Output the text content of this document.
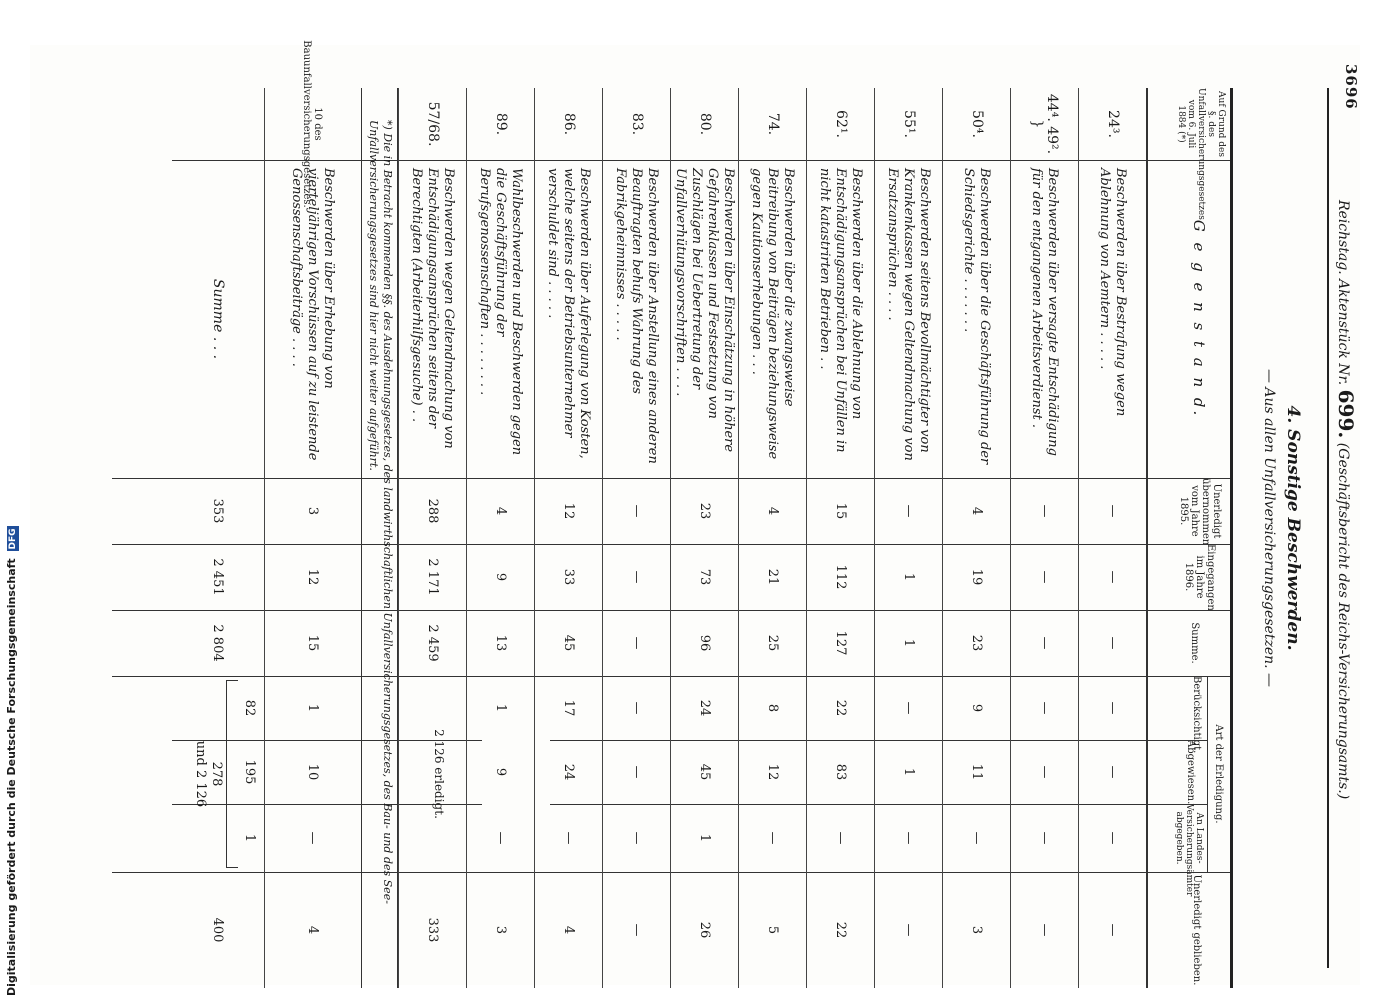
3696
Reichstag. Aktenstück Nr. 699. (Geschäftsbericht des Reichs-Versicherungsamts.)
4. Sonstige Beschwerden.
— Aus allen Unfallversicherungsgesetzen. —
Auf Grund des §. des Unfallversicherungsgesetzes vom 6. Juli 1884 (*)
G e g e n s t a n d.
Unerledigt übernommen vom Jahre 1895.
Eingegangen im Jahre 1896.
Summe.
Art der Erledigung.
Berücksichtigt.
Abgewiesen.
An Landes-Versicherungsämter abgegeben.
Unerledigt geblieben.
24³.
Beschwerden über Bestrafung wegen Ablehnung von Aemtern . . . . .
—
—
—
—
—
—
—
44⁴. 49². }
Beschwerden über versagte Entschädigung für den entgangenen Arbeitsverdienst .
—
—
—
—
—
—
—
50⁴.
Beschwerden über die Geschäftsführung der Schiedsgerichte . . . . . . .
4
19
23
9
11
—
3
55¹.
Beschwerden seitens Bevollmächtigter von Krankenkassen wegen Geltendmachung von Ersatzansprüchen . . . .
—
1
1
—
1
—
—
62¹.
Beschwerden über die Ablehnung von Entschädigungsansprüchen bei Unfällen in nicht katastrirten Betrieben . .
15
112
127
22
83
—
22
74.
Beschwerden über die zwangsweise Beitreibung von Beiträgen beziehungsweise gegen Kautionserhebungen . . .
4
21
25
8
12
—
5
80.
Beschwerden über Einschätzung in höhere Gefahrenklassen und Festsetzung von Zuschlägen bei Uebertretung der Unfallverhütungsvorschriften . . . .
23
73
96
24
45
1
26
83.
Beschwerden über Anstellung eines anderen Beauftragten behufs Wahrung des Fabrikgeheimnisses . . . . .
—
—
—
—
—
—
—
86.
Beschwerden über Auferlegung von Kosten, welche seitens der Betriebsunternehmer verschuldet sind . . . . .
12
33
45
17
24
—
4
89.
Wahlbeschwerden und Beschwerden gegen die Geschäftsführung der Berufsgenossenschaften . . . . . . . .
4
9
13
1
9
—
3
57/68.
Beschwerden wegen Geltendmachung von Entschädigungsansprüchen seitens der Berechtigten (Arbeiterhilfsgesuche) . .
288
2 171
2 459
2 126 erledigt.
333
*) Die in Betracht kommenden §§. des Ausdehnungsgesetzes, des landwirthschaftlichen Unfallversicherungsgesetzes, des Bau- und des See-Unfallversicherungsgesetzes sind hier nicht weiter aufgeführt.
10 des Bauunfallversicherungsgesetzes.
Beschwerden über Erhebung von vierteljährigen Vorschüssen auf zu leistende Genossenschaftsbeiträge . . . .
3
12
15
1
10
—
4
Summe . . .
353
2 451
2 804
82
195
1
400
278
und 2 126
Digitalisierung gefördert durch die Deutsche Forschungsgemeinschaft DFG
